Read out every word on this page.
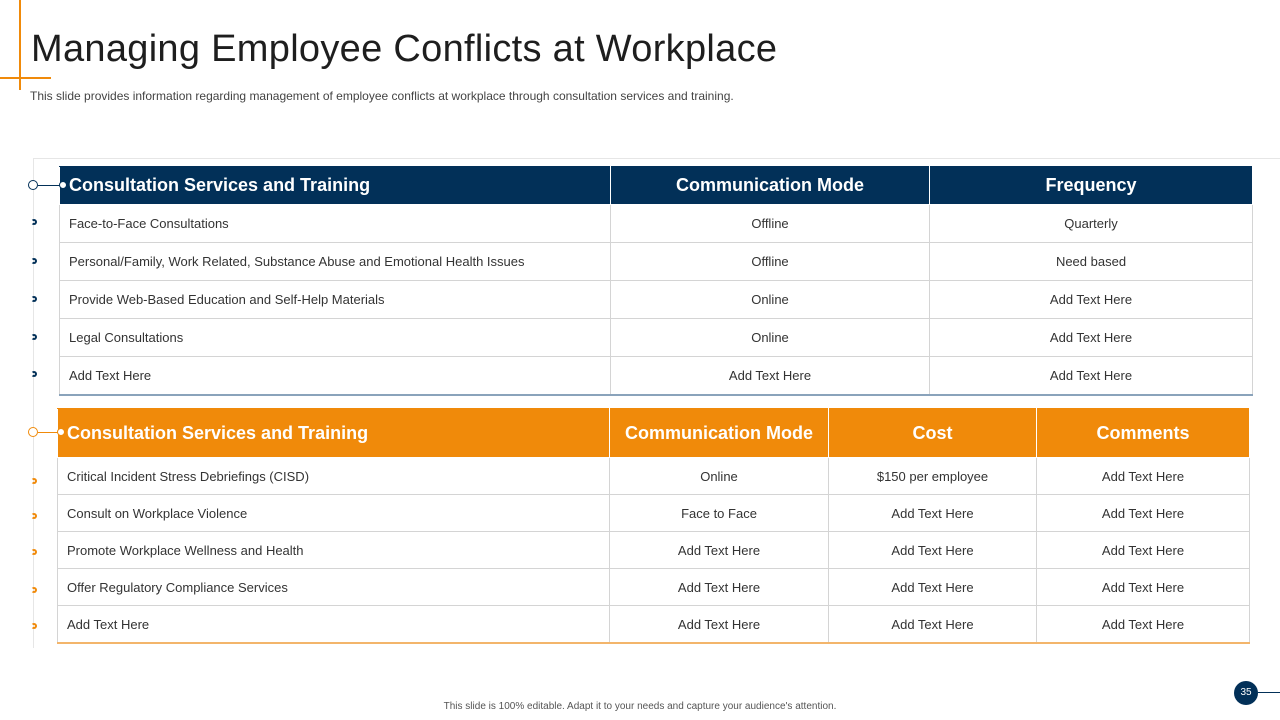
Managing Employee Conflicts at Workplace

This slide provides information regarding management of employee conflicts at workplace through consultation services and training.

Consultation Services and Training	Communication Mode	Frequency
Face-to-Face Consultations	Offline	Quarterly
Personal/Family, Work Related, Substance Abuse and Emotional Health Issues	Offline	Need based
Provide Web-Based Education and Self-Help Materials	Online	Add Text Here
Legal Consultations	Online	Add Text Here
Add Text Here	Add Text Here	Add Text Here
Consultation Services and Training	Communication Mode	Cost	Comments
Critical Incident Stress Debriefings (CISD)	Online	$150 per employee	Add Text Here
Consult on Workplace Violence	Face to Face	Add Text Here	Add Text Here
Promote Workplace Wellness and Health	Add Text Here	Add Text Here	Add Text Here
Offer Regulatory Compliance Services	Add Text Here	Add Text Here	Add Text Here
Add Text Here	Add Text Here	Add Text Here	Add Text Here
This slide is 100% editable. Adapt it to your needs and capture your audience's attention.
35
